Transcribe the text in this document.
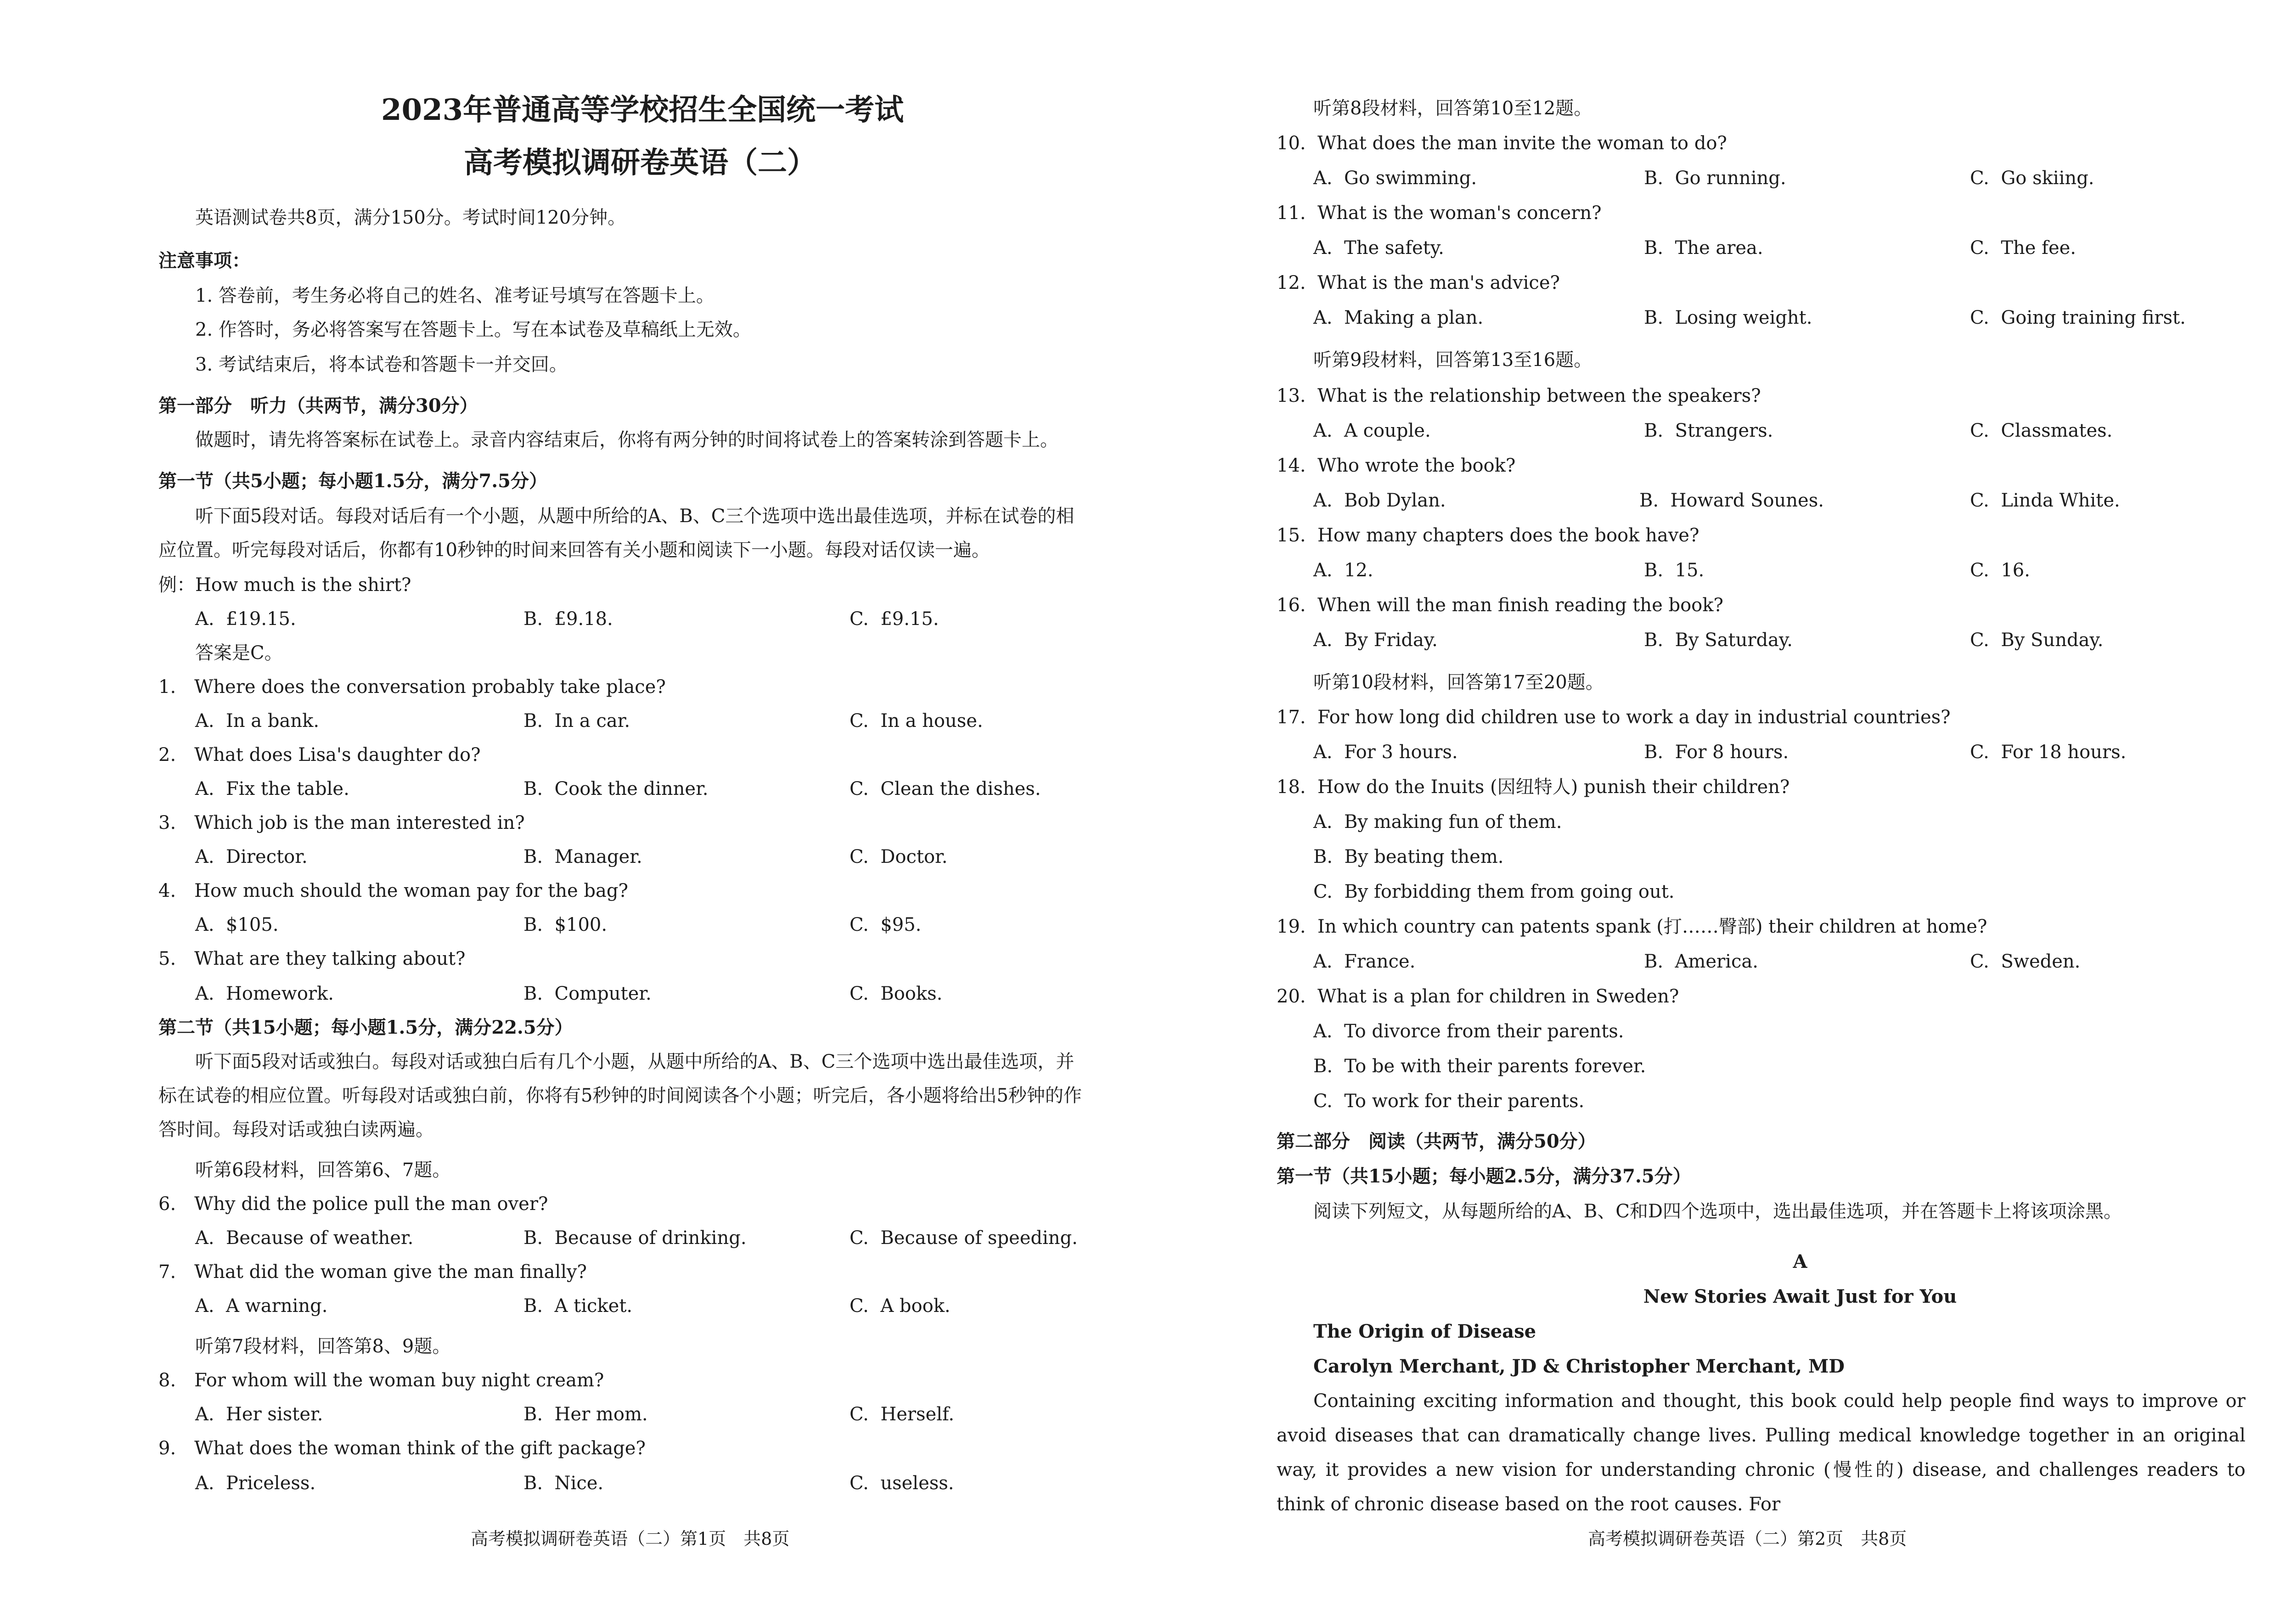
2023年普通高等学校招生全国统一考试
高考模拟调研卷英语（二）
英语测试卷共8页，满分150分。考试时间120分钟。
注意事项：
1. 答卷前，考生务必将自己的姓名、准考证号填写在答题卡上。
2. 作答时，务必将答案写在答题卡上。写在本试卷及草稿纸上无效。
3. 考试结束后，将本试卷和答题卡一并交回。
第一部分　听力（共两节，满分30分）
做题时，请先将答案标在试卷上。录音内容结束后，你将有两分钟的时间将试卷上的答案转涂到答题卡上。
第一节（共5小题；每小题1.5分，满分7.5分）
听下面5段对话。每段对话后有一个小题，从题中所给的A、B、C三个选项中选出最佳选项，并标在试卷的相
应位置。听完每段对话后，你都有10秒钟的时间来回答有关小题和阅读下一小题。每段对话仅读一遍。
例：How much is the shirt?
A.  £19.15.	B.  £9.18.	C.  £9.15.
答案是C。
1.　Where does the conversation probably take place?
A.  In a bank.	B.  In a car.	C.  In a house.
2.　What does Lisa's daughter do?
A.  Fix the table.	B.  Cook the dinner.	C.  Clean the dishes.
3.　Which job is the man interested in?
A.  Director.	B.  Manager.	C.  Doctor.
4.　How much should the woman pay for the bag?
A.  $105.	B.  $100.	C.  $95.
5.　What are they talking about?
A.  Homework.	B.  Computer.	C.  Books.
第二节（共15小题；每小题1.5分，满分22.5分）
听下面5段对话或独白。每段对话或独白后有几个小题，从题中所给的A、B、C三个选项中选出最佳选项，并
标在试卷的相应位置。听每段对话或独白前，你将有5秒钟的时间阅读各个小题；听完后，各小题将给出5秒钟的作
答时间。每段对话或独白读两遍。
听第6段材料，回答第6、7题。
6.　Why did the police pull the man over?
A.  Because of weather.	B.  Because of drinking.	C.  Because of speeding.
7.　What did the woman give the man finally?
A.  A warning.	B.  A ticket.	C.  A book.
听第7段材料，回答第8、9题。
8.　For whom will the woman buy night cream?
A.  Her sister.	B.  Her mom.	C.  Herself.
9.　What does the woman think of the gift package?
A.  Priceless.	B.  Nice.	C.  useless.
高考模拟调研卷英语（二）第1页　共8页
听第8段材料，回答第10至12题。
10.  What does the man invite the woman to do?
A.  Go swimming.	B.  Go running.	C.  Go skiing.
11.  What is the woman's concern?
A.  The safety.	B.  The area.	C.  The fee.
12.  What is the man's advice?
A.  Making a plan.	B.  Losing weight.	C.  Going training first.
听第9段材料，回答第13至16题。
13.  What is the relationship between the speakers?
A.  A couple.	B.  Strangers.	C.  Classmates.
14.  Who wrote the book?
A.  Bob Dylan.	B.  Howard Sounes.	C.  Linda White.
15.  How many chapters does the book have?
A.  12.	B.  15.	C.  16.
16.  When will the man finish reading the book?
A.  By Friday.	B.  By Saturday.	C.  By Sunday.
听第10段材料，回答第17至20题。
17.  For how long did children use to work a day in industrial countries?
A.  For 3 hours.	B.  For 8 hours.	C.  For 18 hours.
18.  How do the Inuits (因纽特人) punish their children?
A.  By making fun of them.
B.  By beating them.
C.  By forbidding them from going out.
19.  In which country can patents spank (打……臀部) their children at home?
A.  France.	B.  America.	C.  Sweden.
20.  What is a plan for children in Sweden?
A.  To divorce from their parents.
B.  To be with their parents forever.
C.  To work for their parents.
第二部分　阅读（共两节，满分50分）
第一节（共15小题；每小题2.5分，满分37.5分）
阅读下列短文，从每题所给的A、B、C和D四个选项中，选出最佳选项，并在答题卡上将该项涂黑。
A
New Stories Await Just for You
The Origin of Disease
Carolyn Merchant, JD & Christopher Merchant, MD
Containing exciting information and thought, this book could help people find ways to improve or avoid diseases that can dramatically change lives. Pulling medical knowledge together in an original way, it provides a new vision for understanding chronic (慢性的) disease, and challenges readers to think of chronic disease based on the root causes. For
高考模拟调研卷英语（二）第2页　共8页
